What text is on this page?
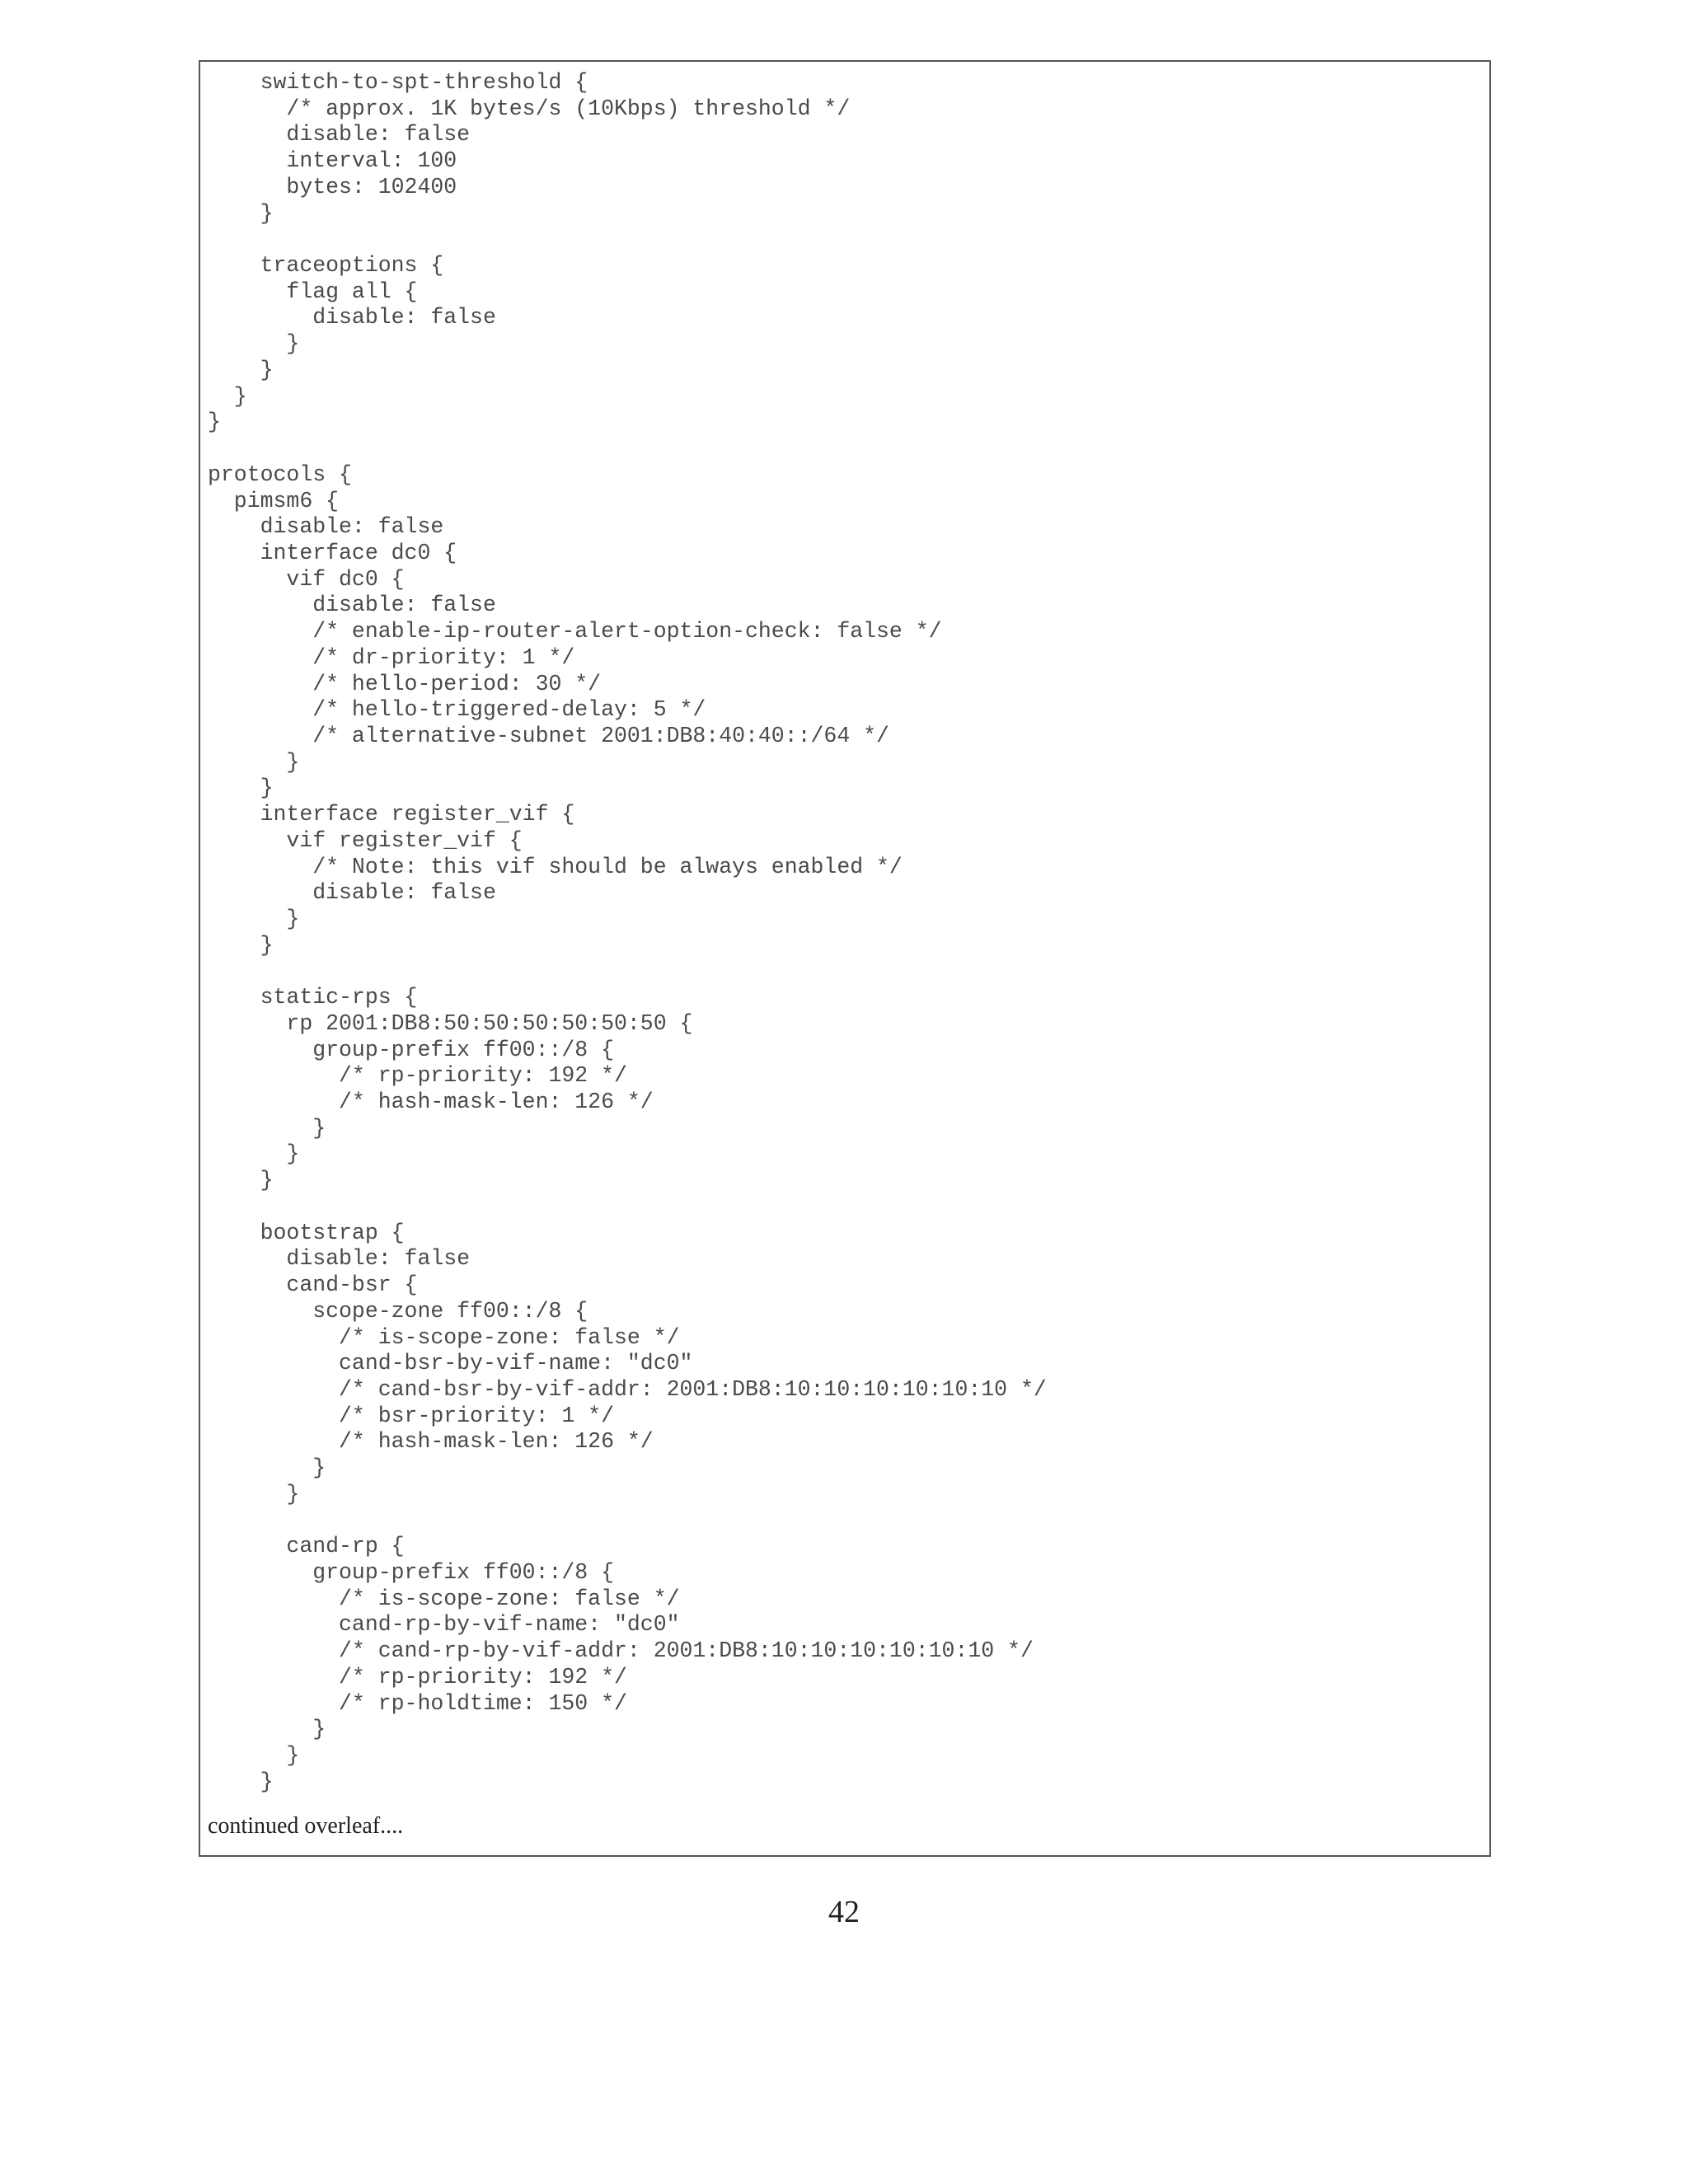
switch-to-spt-threshold {
/* approx. 1K bytes/s (10Kbps) threshold */
disable: false
interval: 100
bytes: 102400
}
traceoptions {
flag all {
disable: false
}
}
}
}
protocols {
pimsm6 {
disable: false
interface dc0 {
vif dc0 {
disable: false
/* enable-ip-router-alert-option-check: false */
/* dr-priority: 1 */
/* hello-period: 30 */
/* hello-triggered-delay: 5 */
/* alternative-subnet 2001:DB8:40:40::/64 */
}
}
interface register_vif {
vif register_vif {
/* Note: this vif should be always enabled */
disable: false
}
}
static-rps {
rp 2001:DB8:50:50:50:50:50:50 {
group-prefix ff00::/8 {
/* rp-priority: 192 */
/* hash-mask-len: 126 */
}
}
}
bootstrap {
disable: false
cand-bsr {
scope-zone ff00::/8 {
/* is-scope-zone: false */
cand-bsr-by-vif-name: "dc0"
/* cand-bsr-by-vif-addr: 2001:DB8:10:10:10:10:10:10 */
/* bsr-priority: 1 */
/* hash-mask-len: 126 */
}
}
cand-rp {
group-prefix ff00::/8 {
/* is-scope-zone: false */
cand-rp-by-vif-name: "dc0"
/* cand-rp-by-vif-addr: 2001:DB8:10:10:10:10:10:10 */
/* rp-priority: 192 */
/* rp-holdtime: 150 */
}
}
}
continued overleaf....
42
